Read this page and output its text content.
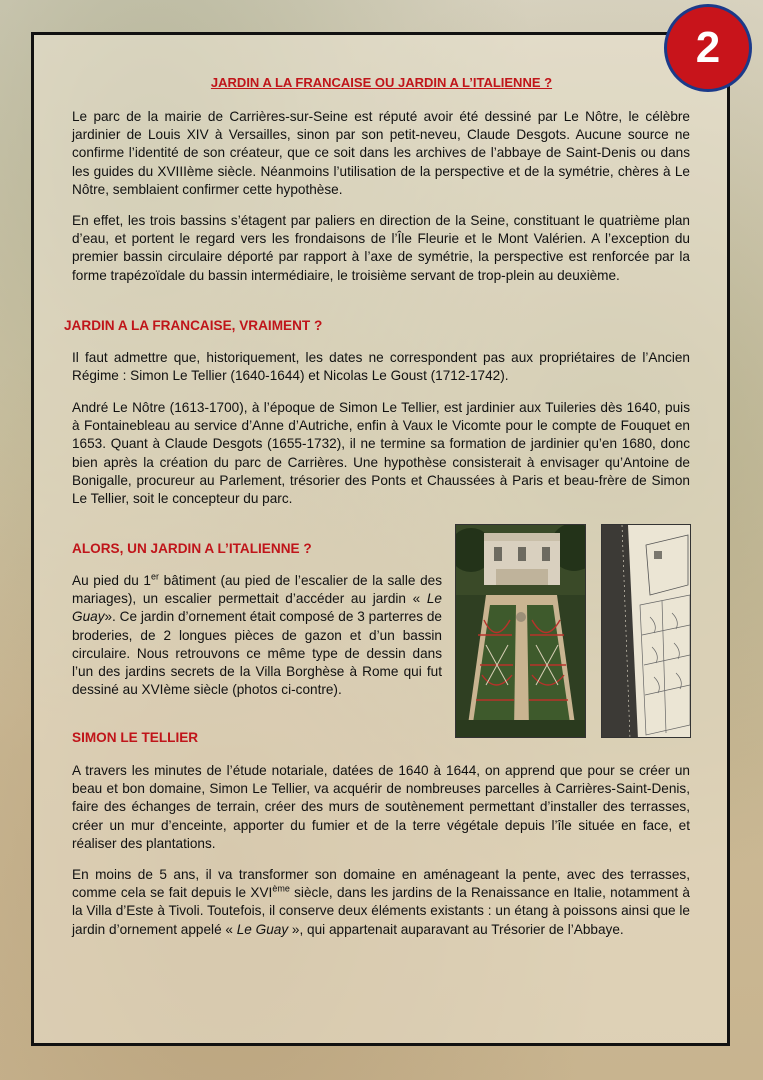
2
JARDIN A LA FRANCAISE OU JARDIN A L’ITALIENNE ?

Le parc de la mairie de Carrières-sur-Seine est réputé avoir été dessiné par Le Nôtre, le célèbre jardinier de Louis XIV à Versailles, sinon par son petit-neveu, Claude Desgots. Aucune source ne confirme l’identité de son créateur, que ce soit dans les archives de l’abbaye de Saint-Denis ou dans les guides du XVIIIème siècle. Néanmoins l’utilisation de la perspective et de la symétrie, chères à Le Nôtre, semblaient confirmer cette hypothèse.

En effet, les trois bassins s’étagent par paliers en direction de la Seine, constituant le quatrième plan d’eau, et portent le regard vers les frondaisons de l’Île Fleurie et le Mont Valérien. A l’exception du premier bassin circulaire déporté par rapport à l’axe de symétrie, la perspective est renforcée par la forme trapézoïdale du bassin intermédiaire, le troisième servant de trop-plein au deuxième.

JARDIN A LA FRANCAISE, VRAIMENT ?

Il faut admettre que, historiquement, les dates ne correspondent pas aux propriétaires de l’Ancien Régime : Simon Le Tellier (1640-1644) et Nicolas Le Goust (1712-1742).

André Le Nôtre (1613-1700), à l’époque de Simon Le Tellier, est jardinier aux Tuileries dès 1640, puis à Fontainebleau au service d’Anne d’Autriche, enfin à Vaux le Vicomte pour le compte de Fouquet en 1653. Quant à Claude Desgots (1655-1732), il ne termine sa formation de jardinier qu’en 1680, donc bien après la création du parc de Carrières. Une hypothèse consisterait à envisager qu’Antoine de Bonigalle, procureur au Parlement, trésorier des Ponts et Chaussées à Paris et beau-frère de Simon Le Tellier, soit le concepteur du parc.

ALORS, UN JARDIN A L’ITALIENNE ?

Au pied du 1er bâtiment (au pied de l’escalier de la salle des mariages), un escalier permettait d’accéder au jardin « Le Guay». Ce jardin d’ornement était composé de 3 parterres de broderies, de 2 longues pièces de gazon et d’un bassin circulaire. Nous retrouvons ce même type de dessin dans l’un des jardins secrets de la Villa Borghèse à Rome qui fut dessiné au XVIème siècle (photos ci-contre).

SIMON LE TELLIER

A travers les minutes de l’étude notariale, datées de 1640 à 1644, on apprend que pour se créer un beau et bon domaine, Simon Le Tellier, va acquérir de nombreuses parcelles à Carrières-Saint-Denis, faire des échanges de terrain, créer des murs de soutènement permettant d’installer des terrasses, créer un mur d’enceinte, apporter du fumier et de la terre végétale depuis l’île située en face, et réaliser des plantations.

En moins de 5 ans, il va transformer son domaine en aménageant la pente, avec des terrasses, comme cela se fait depuis le XVIème siècle, dans les jardins de la Renaissance en Italie, notamment à la Villa d’Este à Tivoli. Toutefois, il conserve deux éléments existants : un étang à poissons ainsi que le jardin d’ornement appelé « Le Guay », qui appartenait auparavant au Trésorier de l’Abbaye.
